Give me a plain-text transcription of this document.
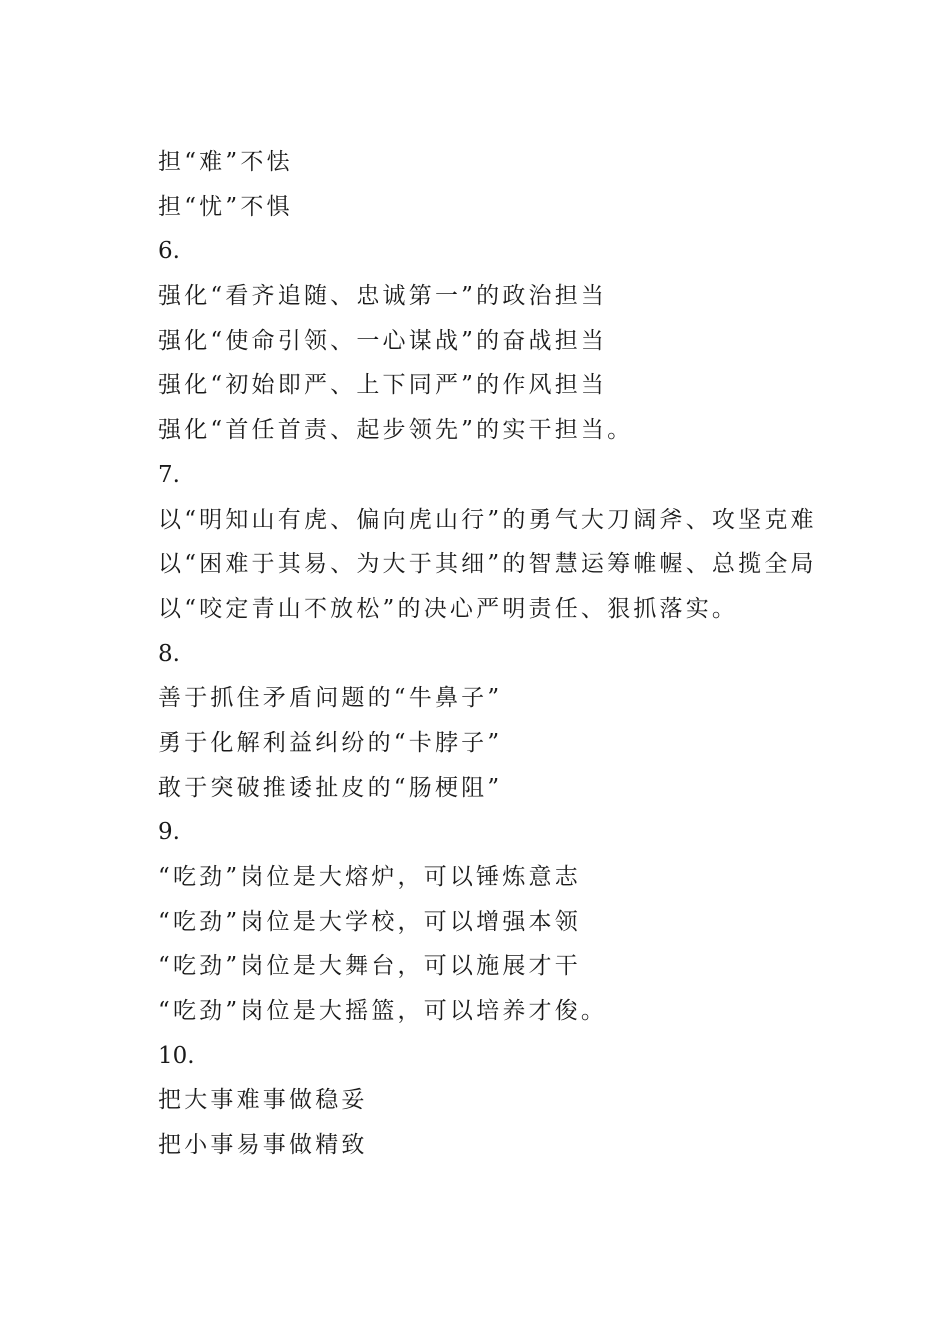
担“难”不怯
担“忧”不惧
6.
强化“看齐追随、忠诚第一”的政治担当
强化“使命引领、一心谋战”的奋战担当
强化“初始即严、上下同严”的作风担当
强化“首任首责、起步领先”的实干担当。
7.
以“明知山有虎、偏向虎山行”的勇气大刀阔斧、攻坚克难
以“困难于其易、为大于其细”的智慧运筹帷幄、总揽全局
以“咬定青山不放松”的决心严明责任、狠抓落实。
8.
善于抓住矛盾问题的“牛鼻子”
勇于化解利益纠纷的“卡脖子”
敢于突破推诿扯皮的“肠梗阻”
9.
“吃劲”岗位是大熔炉，可以锤炼意志
“吃劲”岗位是大学校，可以增强本领
“吃劲”岗位是大舞台，可以施展才干
“吃劲”岗位是大摇篮，可以培养才俊。
10.
把大事难事做稳妥
把小事易事做精致
